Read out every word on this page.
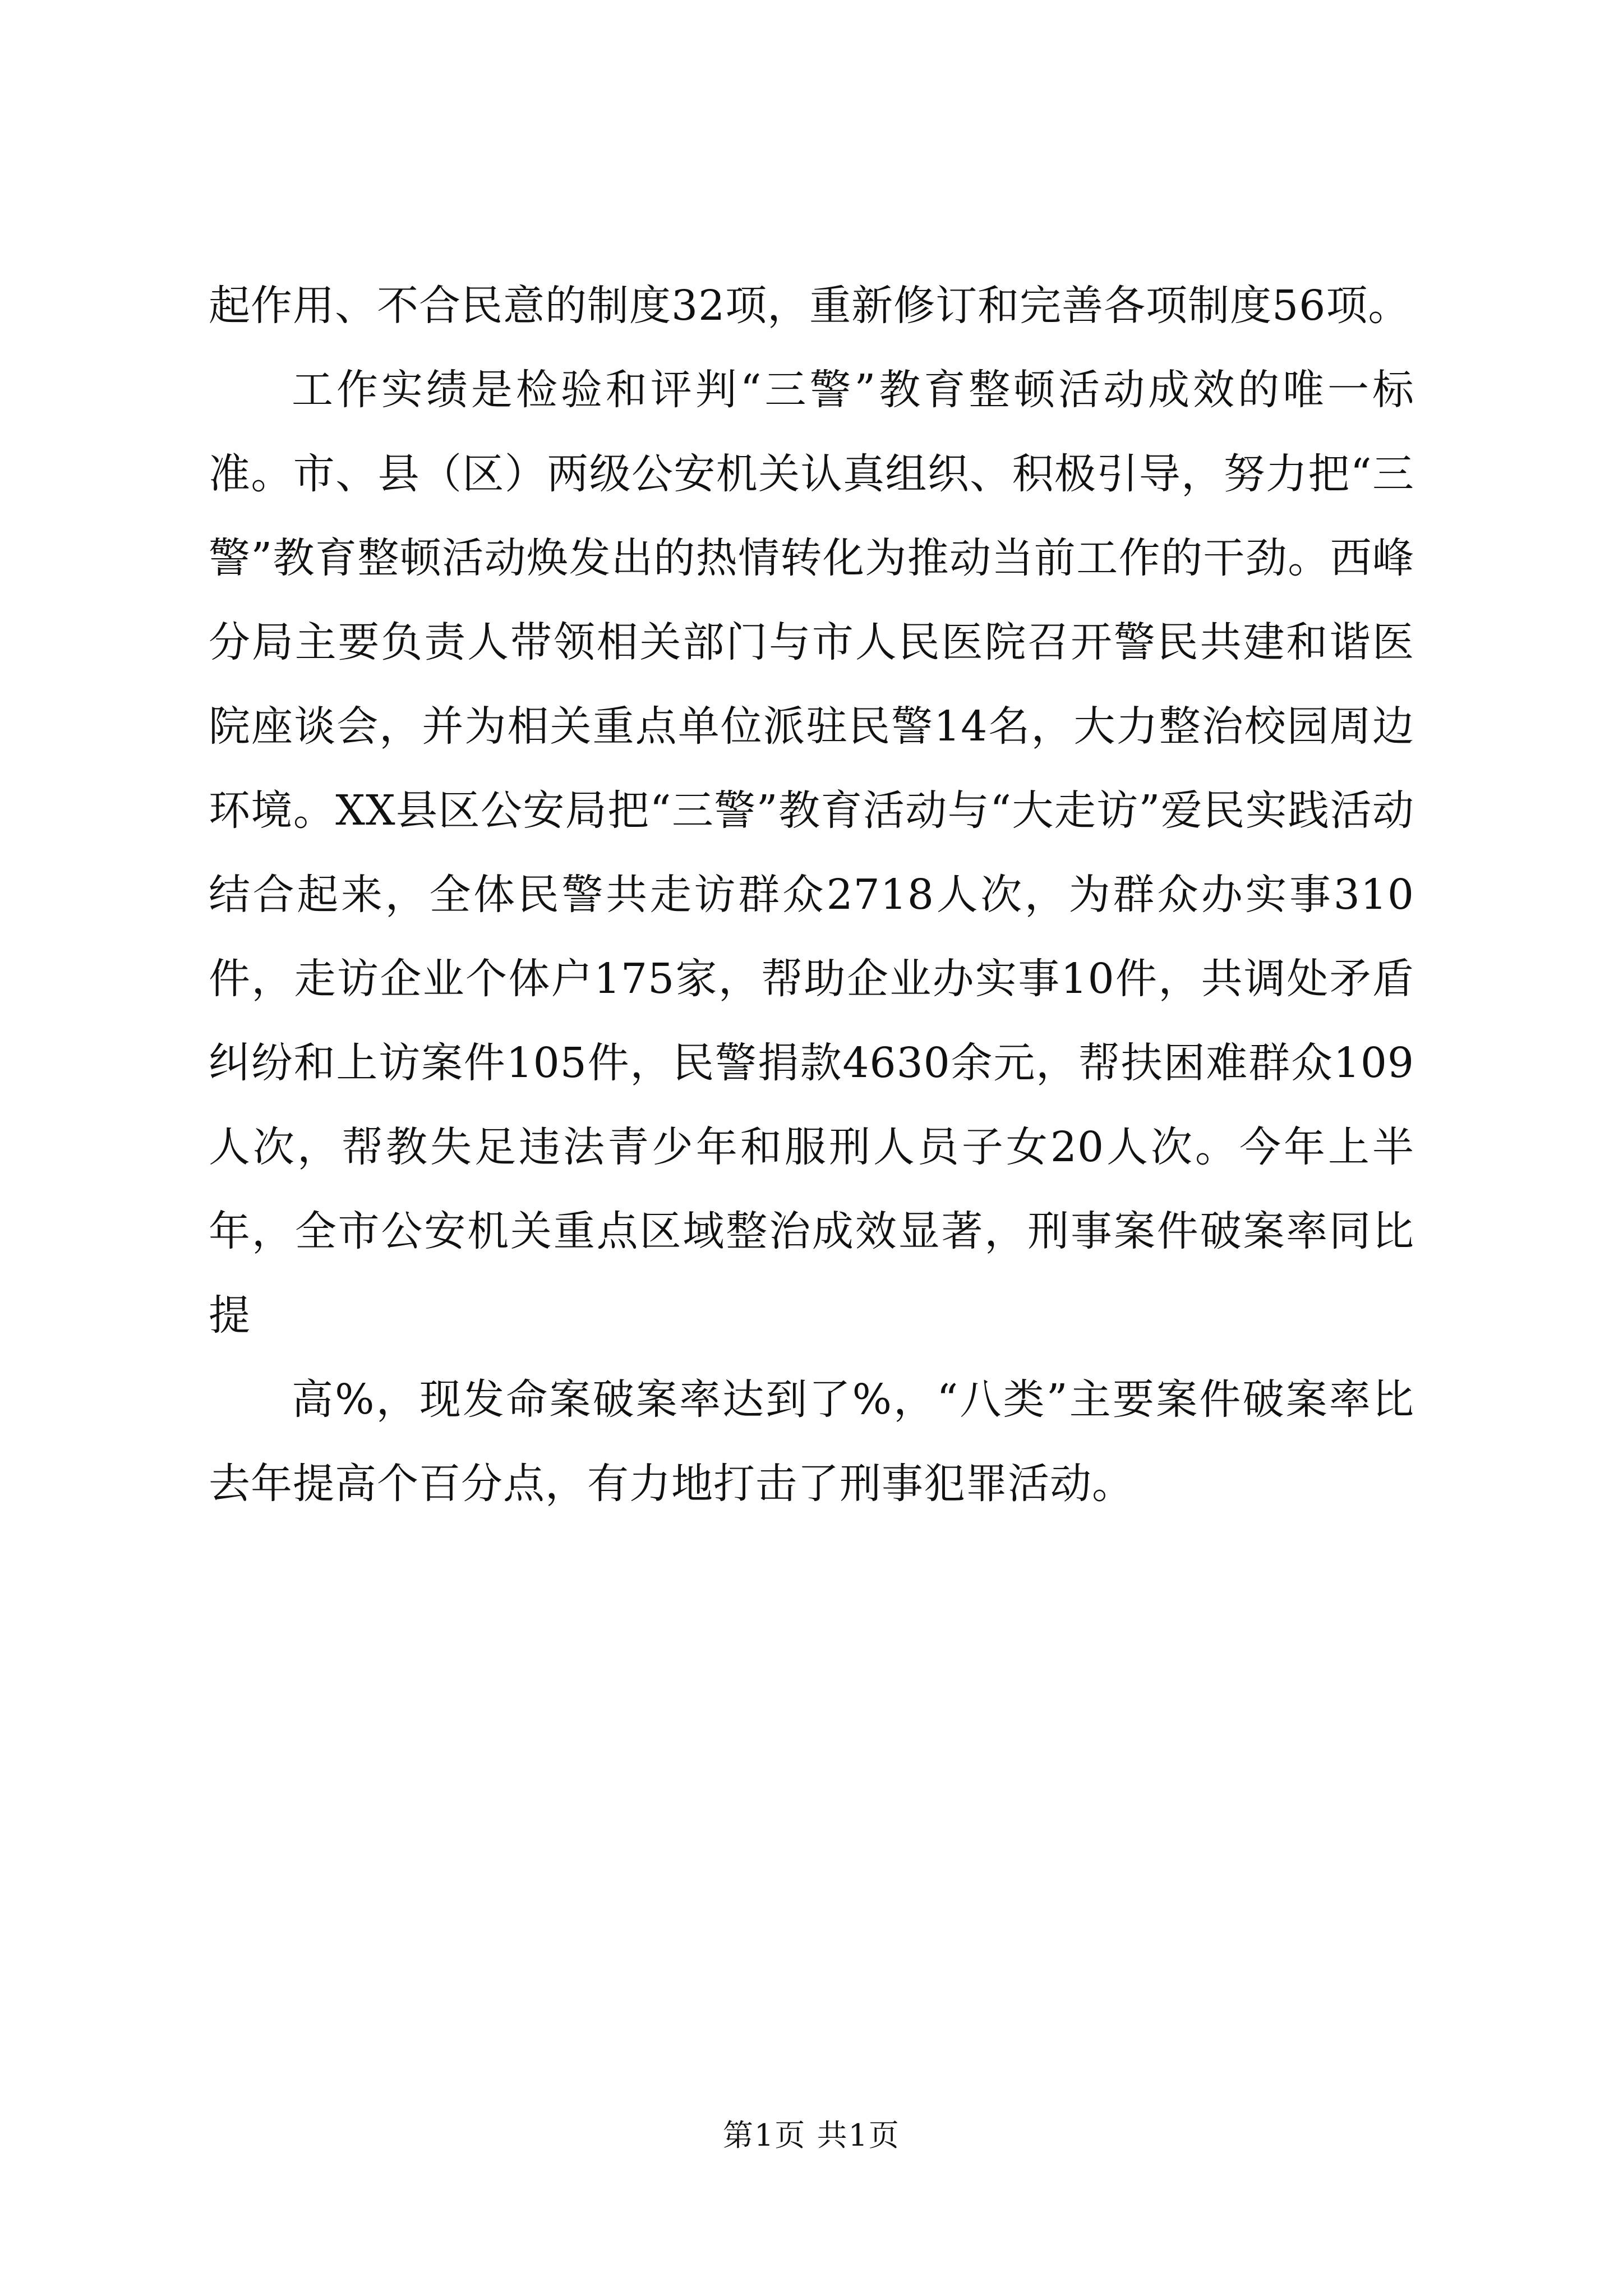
起作用、不合民意的制度32项，重新修订和完善各项制度56项。

工作实绩是检验和评判“三警”教育整顿活动成效的唯一标准。市、县（区）两级公安机关认真组织、积极引导，努力把“三警”教育整顿活动焕发出的热情转化为推动当前工作的干劲。西峰分局主要负责人带领相关部门与市人民医院召开警民共建和谐医院座谈会，并为相关重点单位派驻民警14名，大力整治校园周边环境。XX县区公安局把“三警”教育活动与“大走访”爱民实践活动结合起来，全体民警共走访群众2718人次，为群众办实事310件，走访企业个体户175家，帮助企业办实事10件，共调处矛盾纠纷和上访案件105件，民警捐款4630余元，帮扶困难群众109人次，帮教失足违法青少年和服刑人员子女20人次。今年上半年，全市公安机关重点区域整治成效显著，刑事案件破案率同比提

高%，现发命案破案率达到了%，“八类”主要案件破案率比去年提高个百分点，有力地打击了刑事犯罪活动。

第1页 共1页
